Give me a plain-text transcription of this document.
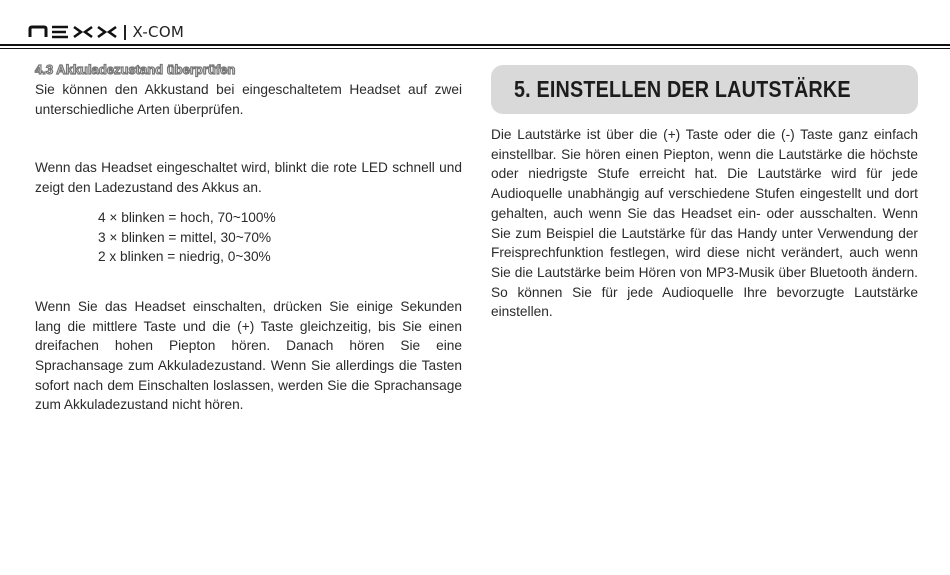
X-COM
4.3 Akkuladezustand überprüfen

Sie können den Akkustand bei eingeschaltetem Headset auf zwei unterschiedliche Arten überprüfen.

Wenn das Headset eingeschaltet wird, blinkt die rote LED schnell und zeigt den Ladezustand des Akkus an.

4 × blinken = hoch, 70~100%
3 × blinken = mittel, 30~70%
2 x blinken = niedrig, 0~30%

Wenn Sie das Headset einschalten, drücken Sie einige Sekunden lang die mittlere Taste und die (+) Taste gleichzeitig, bis Sie einen dreifachen hohen Piepton hören. Danach hören Sie eine Sprachansage zum Akkuladezustand. Wenn Sie allerdings die Tasten sofort nach dem Einschalten loslassen, werden Sie die Sprachansage zum Akkuladezustand nicht hören.

5. EINSTELLEN DER LAUTSTÄRKE

Die Lautstärke ist über die (+) Taste oder die (-) Taste ganz einfach einstellbar. Sie hören einen Piepton, wenn die Lautstärke die höchste oder niedrigste Stufe erreicht hat. Die Lautstärke wird für jede Audioquelle unabhängig auf verschiedene Stufen eingestellt und dort gehalten, auch wenn Sie das Headset ein- oder ausschalten. Wenn Sie zum Beispiel die Lautstärke für das Handy unter Verwendung der Freisprechfunktion festlegen, wird diese nicht verändert, auch wenn Sie die Lautstärke beim Hören von MP3-Musik über Bluetooth ändern. So können Sie für jede Audioquelle Ihre bevorzugte Lautstärke einstellen.
